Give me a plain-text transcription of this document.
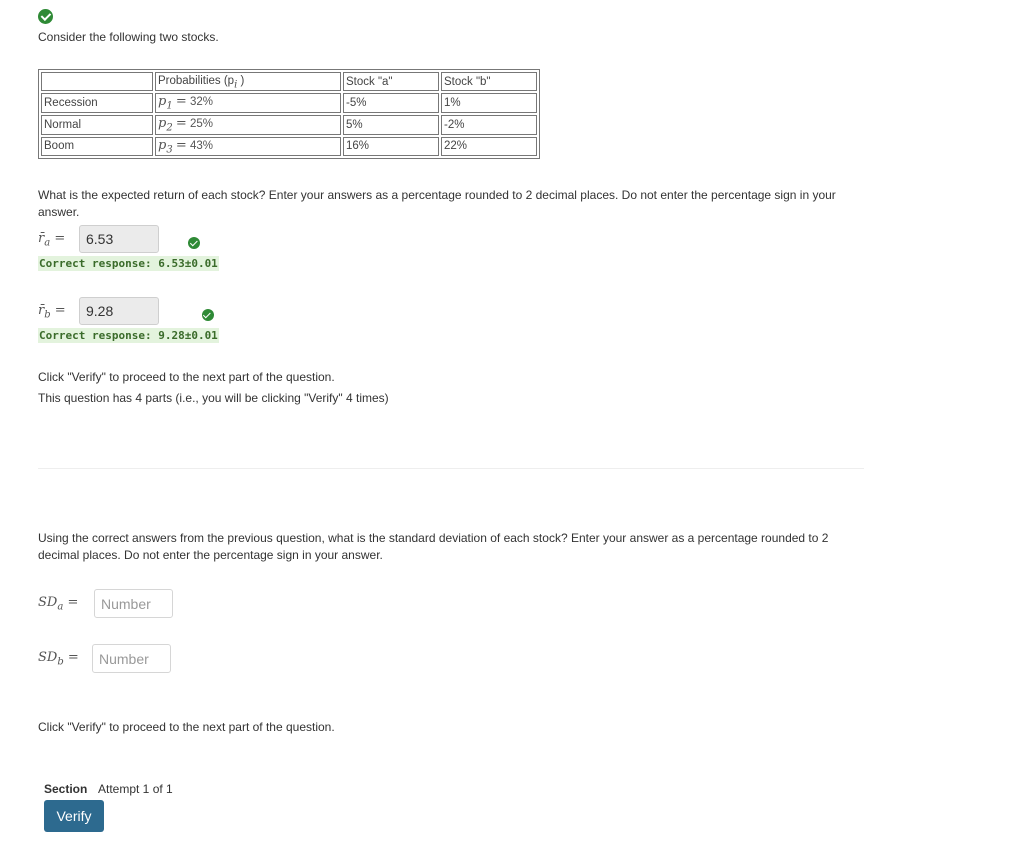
Consider the following two stocks.

	Probabilities ($p_i$ )	Stock "a"	Stock "b"
Recession	$p_1 = 32\%$	-5%	1%
Normal	$p_2 = 25\%$	5%	-2%
Boom	$p_3 = 43\%$	16%	22%

What is the expected return of each stock? Enter your answers as a percentage rounded to 2 decimal places. Do not enter the percentage sign in your answer.

$r̄_a$ =	6.53

Correct response: 6.53±0.01
$r̄_b$ =	9.28

Correct response: 9.28±0.01

Click "Verify" to proceed to the next part of the question.

This question has 4 parts (i.e., you will be clicking "Verify" 4 times)

Using the correct answers from the previous question, what is the standard deviation of each stock? Enter your answer as a percentage rounded to 2 decimal places. Do not enter the percentage sign in your answer.

$SD_a$ =
Number
$SD_b$ =
Number

Click "Verify" to proceed to the next part of the question.

Section Attempt 1 of 1
Verify
